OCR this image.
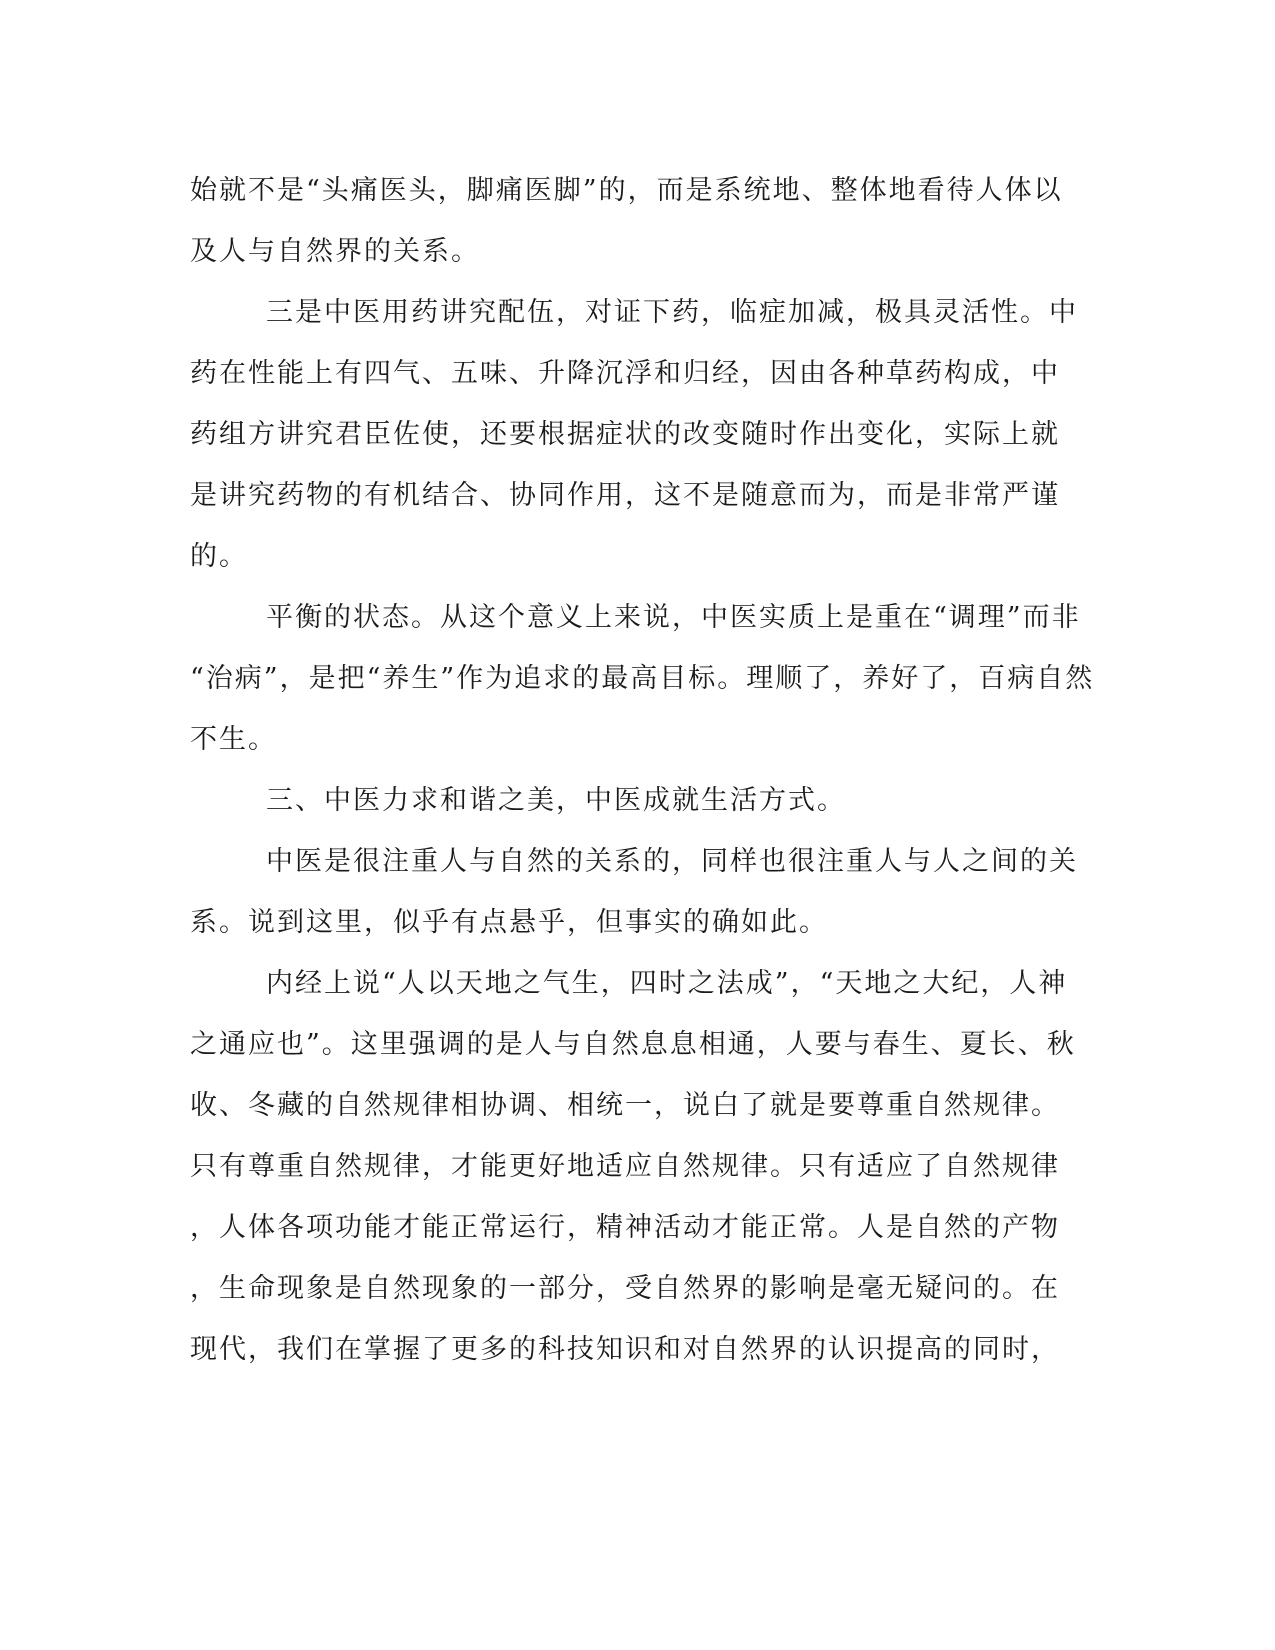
始就不是“头痛医头，脚痛医脚”的，而是系统地、整体地看待人体以
及人与自然界的关系。
三是中医用药讲究配伍，对证下药，临症加减，极具灵活性。中
药在性能上有四气、五味、升降沉浮和归经，因由各种草药构成，中
药组方讲究君臣佐使，还要根据症状的改变随时作出变化，实际上就
是讲究药物的有机结合、协同作用，这不是随意而为，而是非常严谨
的。
平衡的状态。从这个意义上来说，中医实质上是重在“调理”而非
“治病”，是把“养生”作为追求的最高目标。理顺了，养好了，百病自然
不生。
三、中医力求和谐之美，中医成就生活方式。
中医是很注重人与自然的关系的，同样也很注重人与人之间的关
系。说到这里，似乎有点悬乎，但事实的确如此。
内经上说“人以天地之气生，四时之法成”，“天地之大纪，人神
之通应也”。这里强调的是人与自然息息相通，人要与春生、夏长、秋
收、冬藏的自然规律相协调、相统一，说白了就是要尊重自然规律。
只有尊重自然规律，才能更好地适应自然规律。只有适应了自然规律
，人体各项功能才能正常运行，精神活动才能正常。人是自然的产物
，生命现象是自然现象的一部分，受自然界的影响是毫无疑问的。在
现代，我们在掌握了更多的科技知识和对自然界的认识提高的同时，
